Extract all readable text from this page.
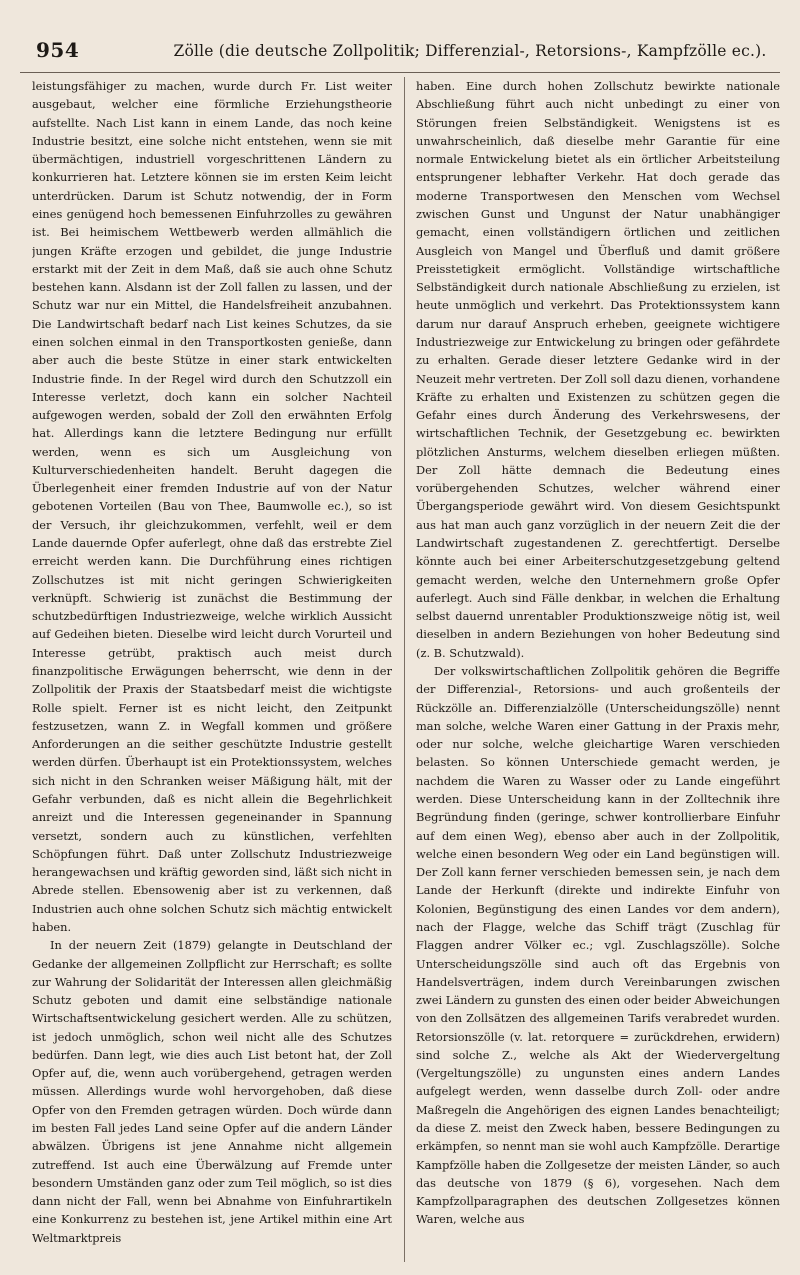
954	Zölle (die deutsche Zollpolitik; Differenzial-, Retorsions-, Kampfzölle ec.).

leistungsfähiger zu machen, wurde durch Fr. List weiter ausgebaut, welcher eine förmliche Erziehungstheorie aufstellte. Nach List kann in einem Lande, das noch keine Industrie besitzt, eine solche nicht entstehen, wenn sie mit übermächtigen, industriell vorgeschrittenen Ländern zu konkurrieren hat. Letztere können sie im ersten Keim leicht unterdrücken. Darum ist Schutz notwendig, der in Form eines genügend hoch bemessenen Einfuhrzolles zu gewähren ist. Bei heimischem Wettbewerb werden allmählich die jungen Kräfte erzogen und gebildet, die junge Industrie erstarkt mit der Zeit in dem Maß, daß sie auch ohne Schutz bestehen kann. Alsdann ist der Zoll fallen zu lassen, und der Schutz war nur ein Mittel, die Handelsfreiheit anzubahnen. Die Landwirtschaft bedarf nach List keines Schutzes, da sie einen solchen einmal in den Transportkosten genieße, dann aber auch die beste Stütze in einer stark entwickelten Industrie finde. In der Regel wird durch den Schutzzoll ein Interesse verletzt, doch kann ein solcher Nachteil aufgewogen werden, sobald der Zoll den erwähnten Erfolg hat. Allerdings kann die letztere Bedingung nur erfüllt werden, wenn es sich um Ausgleichung von Kulturverschiedenheiten handelt. Beruht dagegen die Überlegenheit einer fremden Industrie auf von der Natur gebotenen Vorteilen (Bau von Thee, Baumwolle ec.), so ist der Versuch, ihr gleichzukommen, verfehlt, weil er dem Lande dauernde Opfer auferlegt, ohne daß das erstrebte Ziel erreicht werden kann. Die Durchführung eines richtigen Zollschutzes ist mit nicht geringen Schwierigkeiten verknüpft. Schwierig ist zunächst die Bestimmung der schutzbedürftigen Industriezweige, welche wirklich Aussicht auf Gedeihen bieten. Dieselbe wird leicht durch Vorurteil und Interesse getrübt, praktisch auch meist durch finanzpolitische Erwägungen beherrscht, wie denn in der Zollpolitik der Praxis der Staatsbedarf meist die wichtigste Rolle spielt. Ferner ist es nicht leicht, den Zeitpunkt festzusetzen, wann Z. in Wegfall kommen und größere Anforderungen an die seither geschützte Industrie gestellt werden dürfen. Überhaupt ist ein Protektionssystem, welches sich nicht in den Schranken weiser Mäßigung hält, mit der Gefahr verbunden, daß es nicht allein die Begehrlichkeit anreizt und die Interessen gegeneinander in Spannung versetzt, sondern auch zu künstlichen, verfehlten Schöpfungen führt. Daß unter Zollschutz Industriezweige herangewachsen und kräftig geworden sind, läßt sich nicht in Abrede stellen. Ebensowenig aber ist zu verkennen, daß Industrien auch ohne solchen Schutz sich mächtig entwickelt haben.

In der neuern Zeit (1879) gelangte in Deutschland der Gedanke der allgemeinen Zollpflicht zur Herrschaft; es sollte zur Wahrung der Solidarität der Interessen allen gleichmäßig Schutz geboten und damit eine selbständige nationale Wirtschaftsentwickelung gesichert werden. Alle zu schützen, ist jedoch unmöglich, schon weil nicht alle des Schutzes bedürfen. Dann legt, wie dies auch List betont hat, der Zoll Opfer auf, die, wenn auch vorübergehend, getragen werden müssen. Allerdings wurde wohl hervorgehoben, daß diese Opfer von den Fremden getragen würden. Doch würde dann im besten Fall jedes Land seine Opfer auf die andern Länder abwälzen. Übrigens ist jene Annahme nicht allgemein zutreffend. Ist auch eine Überwälzung auf Fremde unter besondern Umständen ganz oder zum Teil möglich, so ist dies dann nicht der Fall, wenn bei Abnahme von Einfuhrartikeln eine Konkurrenz zu bestehen ist, jene Artikel mithin eine Art Weltmarktpreis

haben. Eine durch hohen Zollschutz bewirkte nationale Abschließung führt auch nicht unbedingt zu einer von Störungen freien Selbständigkeit. Wenigstens ist es unwahrscheinlich, daß dieselbe mehr Garantie für eine normale Entwickelung bietet als ein örtlicher Arbeitsteilung entsprungener lebhafter Verkehr. Hat doch gerade das moderne Transportwesen den Menschen vom Wechsel zwischen Gunst und Ungunst der Natur unabhängiger gemacht, einen vollständigern örtlichen und zeitlichen Ausgleich von Mangel und Überfluß und damit größere Preisstetigkeit ermöglicht. Vollständige wirtschaftliche Selbständigkeit durch nationale Abschließung zu erzielen, ist heute unmöglich und verkehrt. Das Protektionssystem kann darum nur darauf Anspruch erheben, geeignete wichtigere Industriezweige zur Entwickelung zu bringen oder gefährdete zu erhalten. Gerade dieser letztere Gedanke wird in der Neuzeit mehr vertreten. Der Zoll soll dazu dienen, vorhandene Kräfte zu erhalten und Existenzen zu schützen gegen die Gefahr eines durch Änderung des Verkehrswesens, der wirtschaftlichen Technik, der Gesetzgebung ec. bewirkten plötzlichen Ansturms, welchem dieselben erliegen müßten. Der Zoll hätte demnach die Bedeutung eines vorübergehenden Schutzes, welcher während einer Übergangsperiode gewährt wird. Von diesem Gesichtspunkt aus hat man auch ganz vorzüglich in der neuern Zeit die der Landwirtschaft zugestandenen Z. gerechtfertigt. Derselbe könnte auch bei einer Arbeiterschutzgesetzgebung geltend gemacht werden, welche den Unternehmern große Opfer auferlegt. Auch sind Fälle denkbar, in welchen die Erhaltung selbst dauernd unrentabler Produktionszweige nötig ist, weil dieselben in andern Beziehungen von hoher Bedeutung sind (z. B. Schutzwald).

Der volkswirtschaftlichen Zollpolitik gehören die Begriffe der Differenzial-, Retorsions- und auch großenteils der Rückzölle an. Differenzialzölle (Unterscheidungszölle) nennt man solche, welche Waren einer Gattung in der Praxis mehr, oder nur solche, welche gleichartige Waren verschieden belasten. So können Unterschiede gemacht werden, je nachdem die Waren zu Wasser oder zu Lande eingeführt werden. Diese Unterscheidung kann in der Zolltechnik ihre Begründung finden (geringe, schwer kontrollierbare Einfuhr auf dem einen Weg), ebenso aber auch in der Zollpolitik, welche einen besondern Weg oder ein Land begünstigen will. Der Zoll kann ferner verschieden bemessen sein, je nach dem Lande der Herkunft (direkte und indirekte Einfuhr von Kolonien, Begünstigung des einen Landes vor dem andern), nach der Flagge, welche das Schiff trägt (Zuschlag für Flaggen andrer Völker ec.; vgl. Zuschlagszölle). Solche Unterscheidungszölle sind auch oft das Ergebnis von Handelsverträgen, indem durch Vereinbarungen zwischen zwei Ländern zu gunsten des einen oder beider Abweichungen von den Zollsätzen des allgemeinen Tarifs verabredet wurden. Retorsionszölle (v. lat. retorquere = zurückdrehen, erwidern) sind solche Z., welche als Akt der Wiedervergeltung (Vergeltungszölle) zu ungunsten eines andern Landes aufgelegt werden, wenn dasselbe durch Zoll- oder andre Maßregeln die Angehörigen des eignen Landes benachteiligt; da diese Z. meist den Zweck haben, bessere Bedingungen zu erkämpfen, so nennt man sie wohl auch Kampfzölle. Derartige Kampfzölle haben die Zollgesetze der meisten Länder, so auch das deutsche von 1879 (§ 6), vorgesehen. Nach dem Kampfzollparagraphen des deutschen Zollgesetzes können Waren, welche aus
